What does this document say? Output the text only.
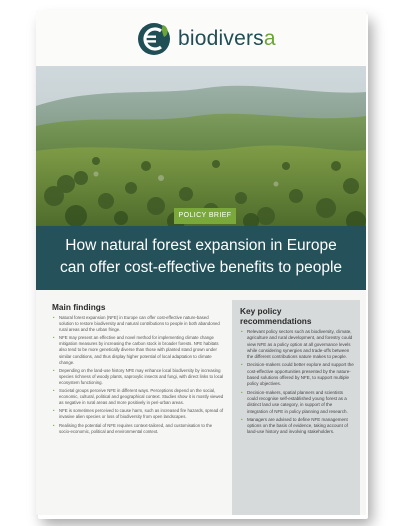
biodiversa
POLICY BRIEF
How natural forest expansion in Europe
can offer cost-effective benefits to people
Main findings
• Natural forest expansion (NFE) in Europe can offer cost-effective nature-based solution to restore biodiversity and natural contributions to people in both abandoned rural areas and the urban fringe.
• NFE may present an effective and novel method for implementing climate change mitigation measures by increasing the carbon stock in broader forests. NFE habitats also tend to be more genetically diverse than those with planted stand grown under similar conditions, and thus display higher potential of local adaptation to climate change.
• Depending on the land-use history NFE may enhance local biodiversity by increasing species richness of woody plants, saproxylic insects and fungi, with direct links to local ecosystem functioning.
• Societal groups perceive NFE in different ways. Perceptions depend on the social, economic, cultural, political and geographical context. Studies show it is mostly viewed as negative in rural areas and more positively in peri-urban areas.
• NFE is sometimes perceived to cause harm, such as increased fire hazards, spread of invasive alien species or loss of biodiversity from open landscapes.
• Realising the potential of NFE requires context-tailored, and customisation to the socio-economic, political and environmental context.
Key policy recommendations
• Relevant policy sectors such as biodiversity, climate, agriculture and rural development, and forestry could view NFE as a policy option at all governance levels while considering synergies and trade-offs between the different contributions nature makes to people.
• Decision-makers could better explore and support the cost-effective opportunities presented by the nature-based solutions offered by NFE, to support multiple policy objectives.
• Decision-makers, spatial planners and scientists could recognise self-established young forest as a distinct land use category, in support of the integration of NFE in policy planning and research.
• Managers are advised to define NFE management options on the basis of evidence, taking account of land-use history and involving stakeholders.
